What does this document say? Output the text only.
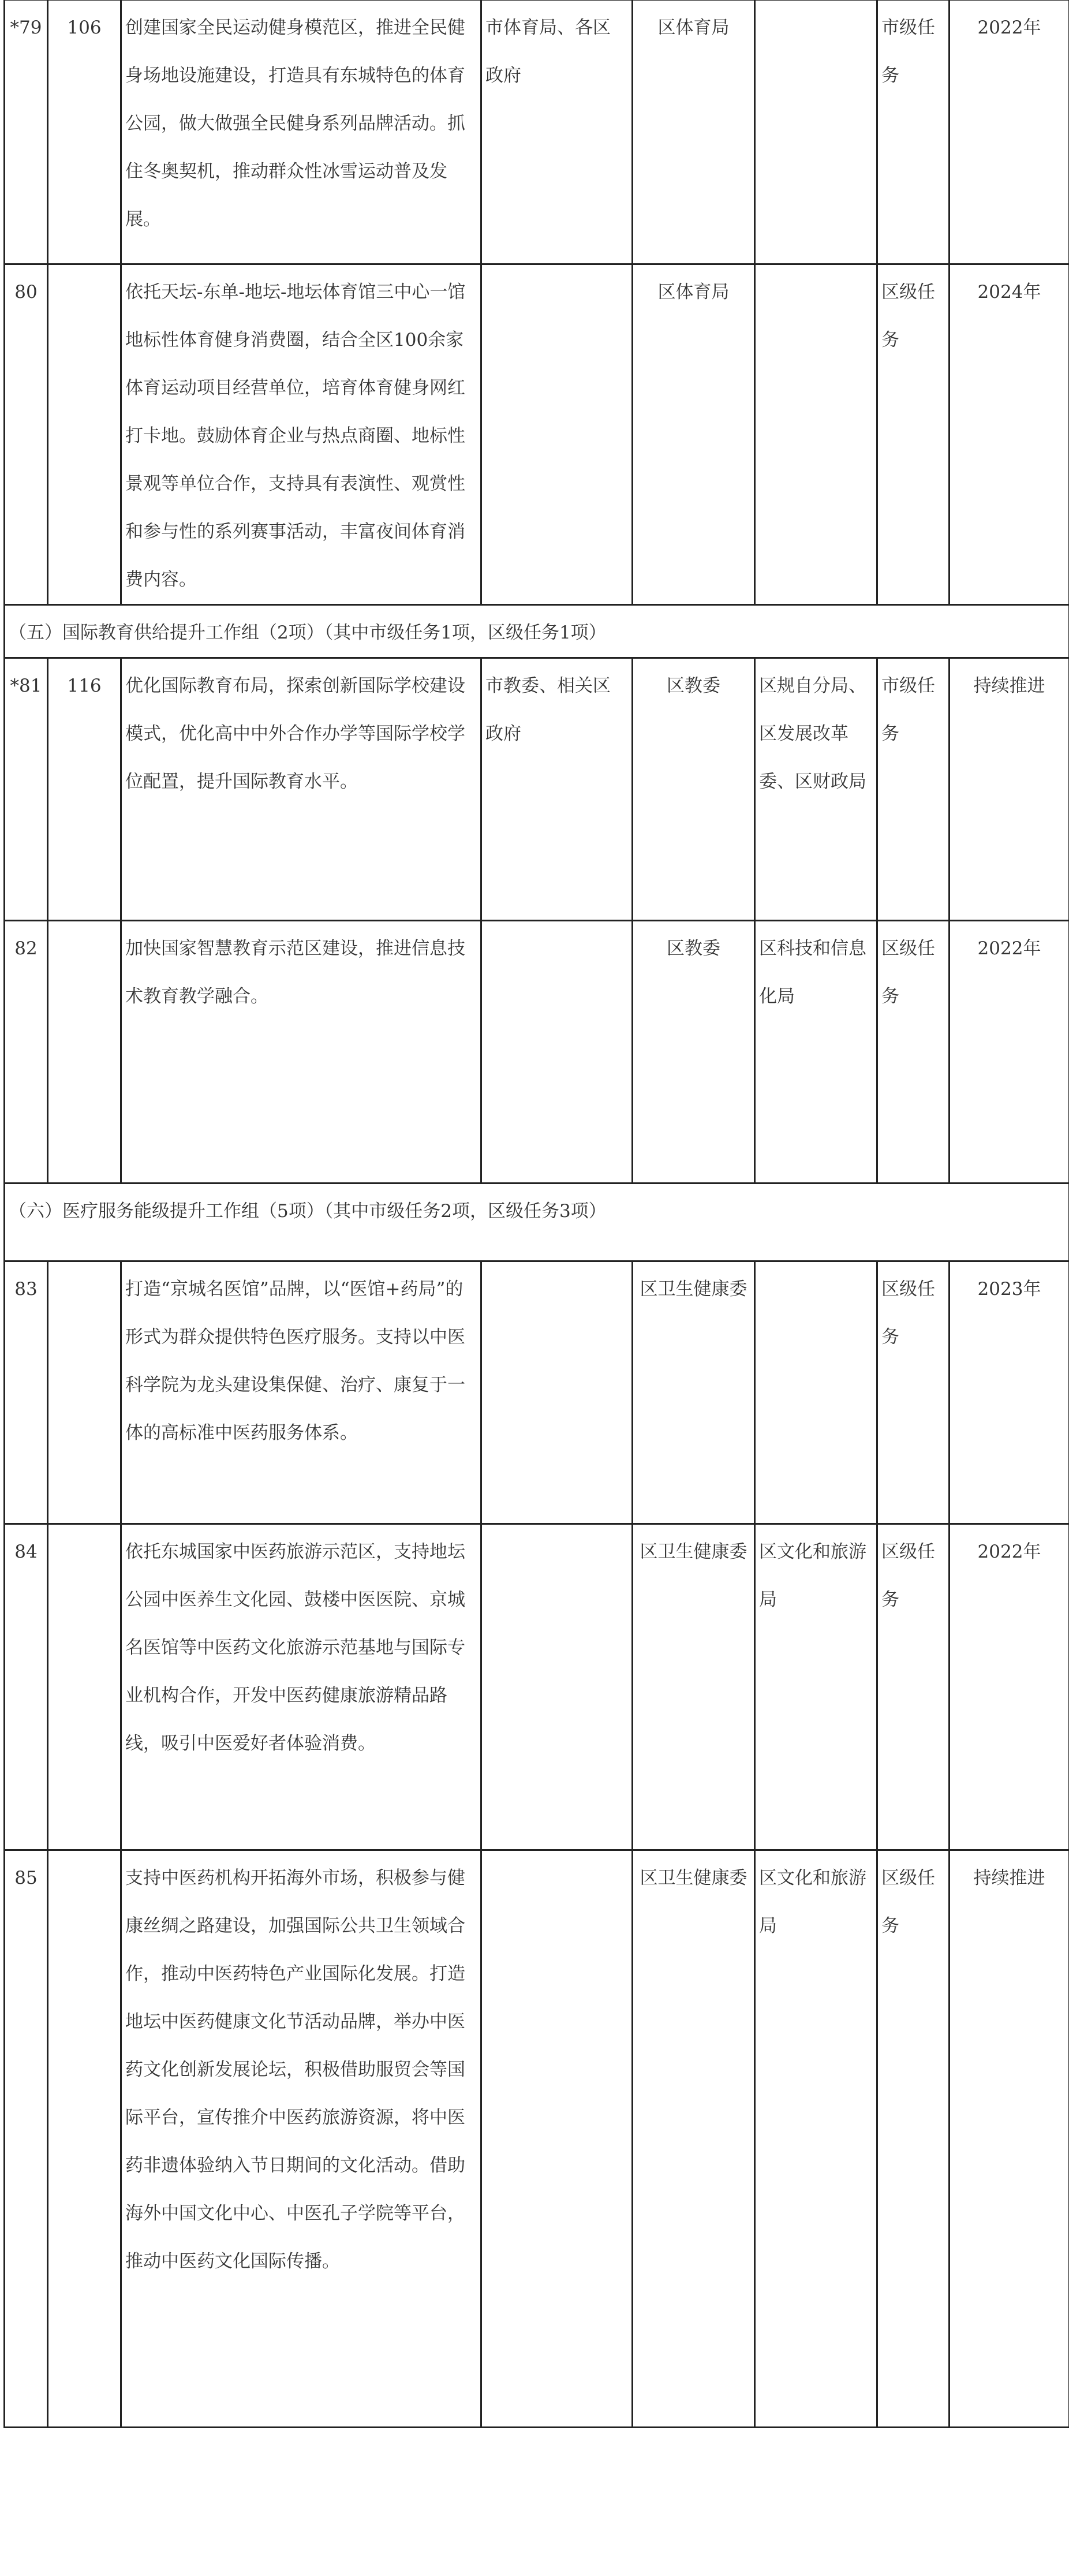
*79	106	创建国家全民运动健身模范区，推进全民健身场地设施建设，打造具有东城特色的体育公园，做大做强全民健身系列品牌活动。抓住冬奥契机，推动群众性冰雪运动普及发展。	市体育局、各区政府	区体育局		市级任务	2022年
80		依托天坛-东单-地坛-地坛体育馆三中心一馆地标性体育健身消费圈，结合全区100余家体育运动项目经营单位，培育体育健身网红打卡地。鼓励体育企业与热点商圈、地标性景观等单位合作，支持具有表演性、观赏性和参与性的系列赛事活动，丰富夜间体育消费内容。		区体育局		区级任务	2024年
（五）国际教育供给提升工作组（2项）（其中市级任务1项，区级任务1项）							
*81	116	优化国际教育布局，探索创新国际学校建设模式，优化高中中外合作办学等国际学校学位配置，提升国际教育水平。	市教委、相关区政府	区教委	区规自分局、区发展改革委、区财政局	市级任务	持续推进
82		加快国家智慧教育示范区建设，推进信息技术教育教学融合。		区教委	区科技和信息化局	区级任务	2022年
（六）医疗服务能级提升工作组（5项）（其中市级任务2项，区级任务3项）							
83		打造“京城名医馆”品牌，以“医馆+药局”的形式为群众提供特色医疗服务。支持以中医科学院为龙头建设集保健、治疗、康复于一体的高标准中医药服务体系。		区卫生健康委		区级任务	2023年
84		依托东城国家中医药旅游示范区，支持地坛公园中医养生文化园、鼓楼中医医院、京城名医馆等中医药文化旅游示范基地与国际专业机构合作，开发中医药健康旅游精品路线，吸引中医爱好者体验消费。		区卫生健康委	区文化和旅游局	区级任务	2022年
85		支持中医药机构开拓海外市场，积极参与健康丝绸之路建设，加强国际公共卫生领域合作，推动中医药特色产业国际化发展。打造地坛中医药健康文化节活动品牌，举办中医药文化创新发展论坛，积极借助服贸会等国际平台，宣传推介中医药旅游资源，将中医药非遗体验纳入节日期间的文化活动。借助海外中国文化中心、中医孔子学院等平台，推动中医药文化国际传播。		区卫生健康委	区文化和旅游局	区级任务	持续推进
